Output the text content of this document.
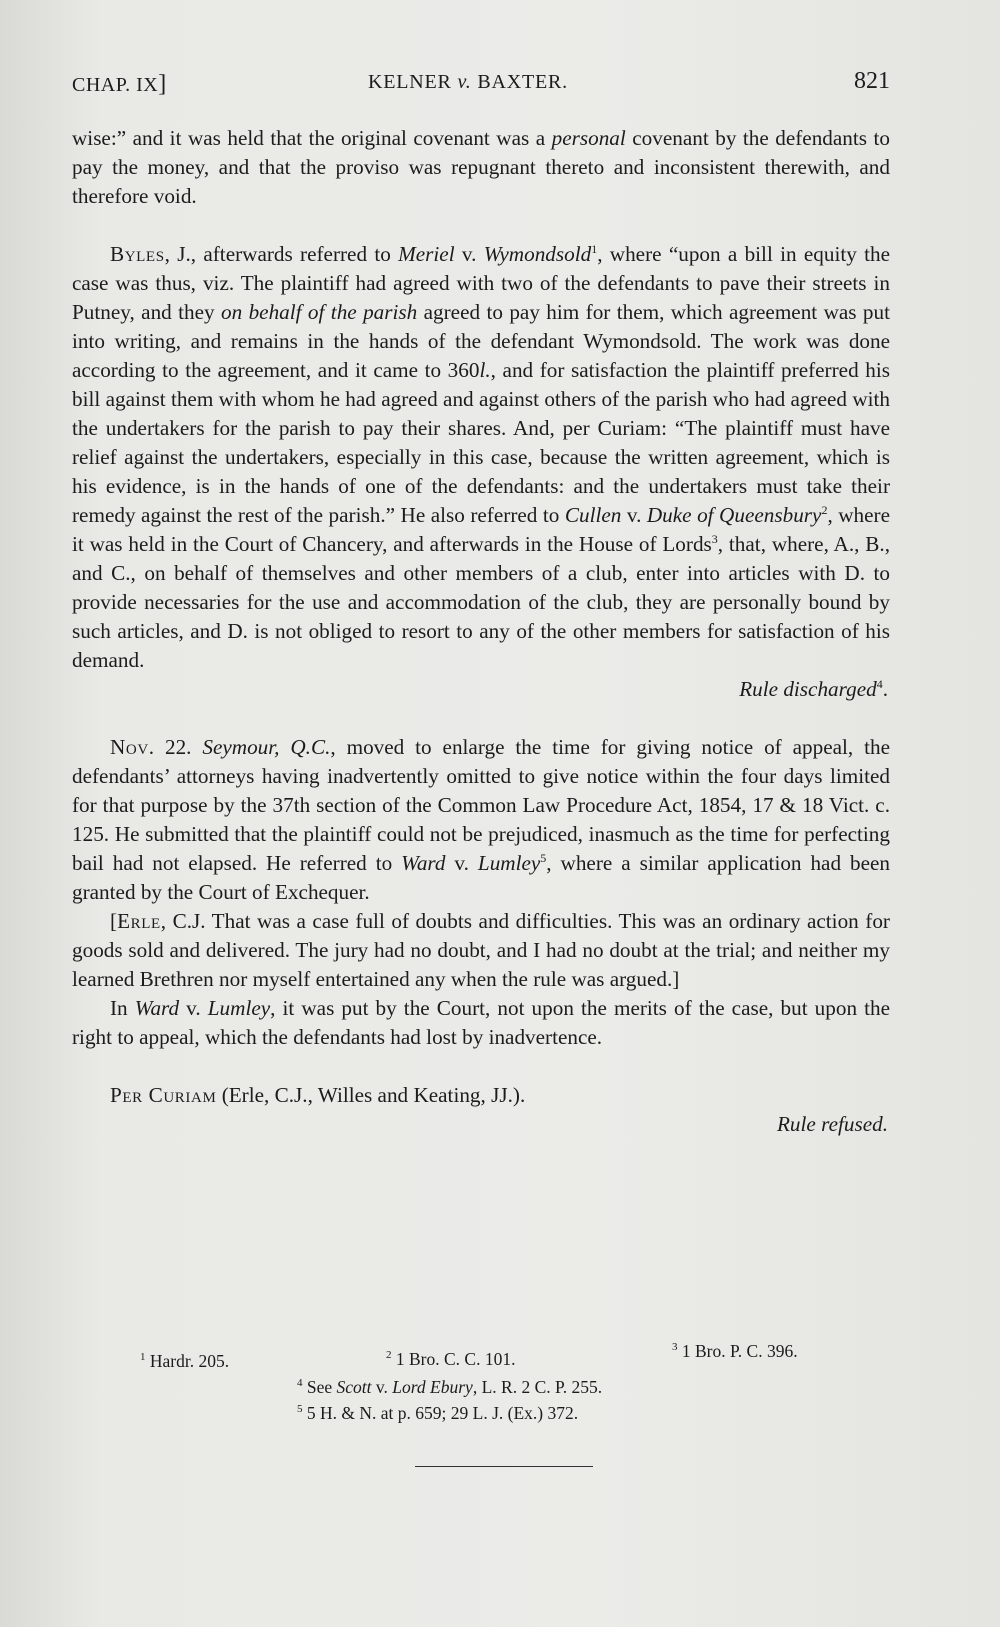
CHAP. IX]	KELNER v. BAXTER.	821

wise:” and it was held that the original covenant was a personal covenant by the defendants to pay the money, and that the proviso was repugnant thereto and inconsistent therewith, and therefore void.

Byles, J., afterwards referred to Meriel v. Wymondsold$^1$, where “upon a bill in equity the case was thus, viz. The plaintiff had agreed with two of the defendants to pave their streets in Putney, and they on behalf of the parish agreed to pay him for them, which agreement was put into writing, and remains in the hands of the defendant Wymondsold. The work was done according to the agreement, and it came to 360l., and for satisfaction the plaintiff preferred his bill against them with whom he had agreed and against others of the parish who had agreed with the undertakers for the parish to pay their shares. And, per Curiam: “The plaintiff must have relief against the undertakers, especially in this case, because the written agreement, which is his evidence, is in the hands of one of the defendants: and the undertakers must take their remedy against the rest of the parish.” He also referred to Cullen v. Duke of Queensbury$^2$, where it was held in the Court of Chancery, and afterwards in the House of Lords$^3$, that, where, A., B., and C., on behalf of themselves and other members of a club, enter into articles with D. to provide necessaries for the use and accommodation of the club, they are personally bound by such articles, and D. is not obliged to resort to any of the other members for satisfaction of his demand.

Rule discharged$^4$.

Nov. 22. Seymour, Q.C., moved to enlarge the time for giving notice of appeal, the defendants’ attorneys having inadvertently omitted to give notice within the four days limited for that purpose by the 37th section of the Common Law Procedure Act, 1854, 17 & 18 Vict. c. 125. He submitted that the plaintiff could not be prejudiced, inasmuch as the time for perfecting bail had not elapsed. He referred to Ward v. Lumley$^5$, where a similar application had been granted by the Court of Exchequer.

[Erle, C.J. That was a case full of doubts and difficulties. This was an ordinary action for goods sold and delivered. The jury had no doubt, and I had no doubt at the trial; and neither my learned Brethren nor myself entertained any when the rule was argued.]

In Ward v. Lumley, it was put by the Court, not upon the merits of the case, but upon the right to appeal, which the defendants had lost by inadvertence.

Per Curiam (Erle, C.J., Willes and Keating, JJ.).

Rule refused.

$^1$ Hardr. 205.	$^2$ 1 Bro. C. C. 101.
$^3$ 1 Bro. P. C. 396.
$^4$ See Scott v. Lord Ebury, L. R. 2 C. P. 255.
$^5$ 5 H. & N. at p. 659; 29 L. J. (Ex.) 372.
